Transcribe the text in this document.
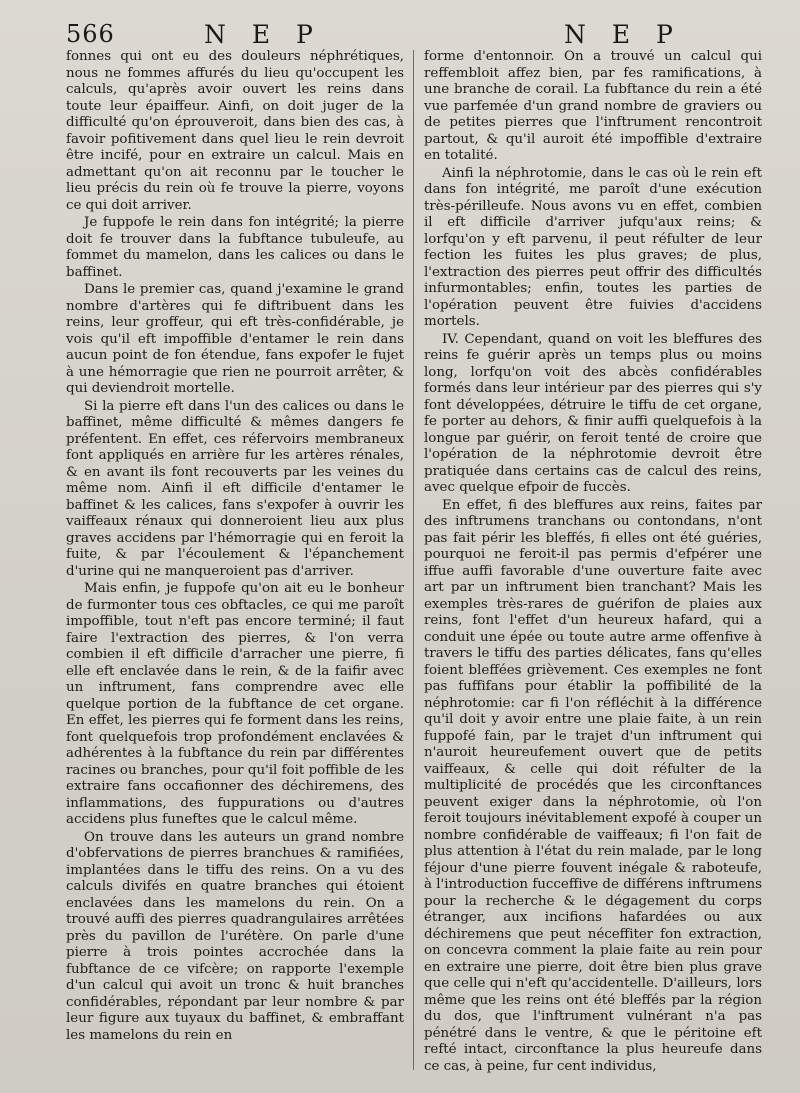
566	N E P	N E P

fonnes qui ont eu des douleurs néphrétiques, nous ne fommes affurés du lieu qu'occupent les calculs, qu'après avoir ouvert les reins dans toute leur épaiffeur. Ainfi, on doit juger de la difficulté qu'on éprouveroit, dans bien des cas, à favoir pofitivement dans quel lieu le rein devroit être incifé, pour en extraire un calcul. Mais en admettant qu'on ait reconnu par le toucher le lieu précis du rein où fe trouve la pierre, voyons ce qui doit arriver.

Je fuppofe le rein dans fon intégrité; la pierre doit fe trouver dans la fubftance tubuleufe, au fommet du mamelon, dans les calices ou dans le baffinet.

Dans le premier cas, quand j'examine le grand nombre d'artères qui fe diftribuent dans les reins, leur groffeur, qui eft très-confidérable, je vois qu'il eft impoffible d'entamer le rein dans aucun point de fon étendue, fans expofer le fujet à une hémorragie que rien ne pourroit arrêter, & qui deviendroit mortelle.

Si la pierre eft dans l'un des calices ou dans le baffinet, même difficulté & mêmes dangers fe préfentent. En effet, ces réfervoirs membraneux font appliqués en arrière fur les artères rénales, & en avant ils font recouverts par les veines du même nom. Ainfi il eft difficile d'entamer le baffinet & les calices, fans s'expofer à ouvrir les vaiffeaux rénaux qui donneroient lieu aux plus graves accidens par l'hémorragie qui en feroit la fuite, & par l'écoulement & l'épanchement d'urine qui ne manqueroient pas d'arriver.

Mais enfin, je fuppofe qu'on ait eu le bonheur de furmonter tous ces obftacles, ce qui me paroît impoffible, tout n'eft pas encore terminé; il faut faire l'extraction des pierres, & l'on verra combien il eft difficile d'arracher une pierre, fi elle eft enclavée dans le rein, & de la faifir avec un inftrument, fans comprendre avec elle quelque portion de la fubftance de cet organe. En effet, les pierres qui fe forment dans les reins, font quelquefois trop profondément enclavées & adhérentes à la fubftance du rein par différentes racines ou branches, pour qu'il foit poffible de les extraire fans occafionner des déchiremens, des inflammations, des fuppurations ou d'autres accidens plus funeftes que le calcul même.

On trouve dans les auteurs un grand nombre d'obfervations de pierres branchues & ramifiées, implantées dans le tiffu des reins. On a vu des calculs divifés en quatre branches qui étoient enclavées dans les mamelons du rein. On a trouvé auffi des pierres quadrangulaires arrêtées près du pavillon de l'urétère. On parle d'une pierre à trois pointes accrochée dans la fubftance de ce vifcère; on rapporte l'exemple d'un calcul qui avoit un tronc & huit branches confidérables, répondant par leur nombre & par leur figure aux tuyaux du baffinet, & embraffant les mamelons du rein en

forme d'entonnoir. On a trouvé un calcul qui reffembloit affez bien, par fes ramifications, à une branche de corail. La fubftance du rein a été vue parfemée d'un grand nombre de graviers ou de petites pierres que l'inftrument rencontroit partout, & qu'il auroit été impoffible d'extraire en totalité.

Ainfi la néphrotomie, dans le cas où le rein eft dans fon intégrité, me paroît d'une exécution très-périlleufe. Nous avons vu en effet, combien il eft difficile d'arriver jufqu'aux reins; & lorfqu'on y eft parvenu, il peut réfulter de leur fection les fuites les plus graves; de plus, l'extraction des pierres peut offrir des difficultés infurmontables; enfin, toutes les parties de l'opération peuvent être fuivies d'accidens mortels.

IV. Cependant, quand on voit les bleffures des reins fe guérir après un temps plus ou moins long, lorfqu'on voit des abcès confidérables formés dans leur intérieur par des pierres qui s'y font développées, détruire le tiffu de cet organe, fe porter au dehors, & finir auffi quelquefois à la longue par guérir, on feroit tenté de croire que l'opération de la néphrotomie devroit être pratiquée dans certains cas de calcul des reins, avec quelque efpoir de fuccès.

En effet, fi des bleffures aux reins, faites par des inftrumens tranchans ou contondans, n'ont pas fait périr les bleffés, fi elles ont été guéries, pourquoi ne feroit-il pas permis d'efpérer une iffue auffi favorable d'une ouverture faite avec art par un inftrument bien tranchant? Mais les exemples très-rares de guérifon de plaies aux reins, font l'effet d'un heureux hafard, qui a conduit une épée ou toute autre arme offenfive à travers le tiffu des parties délicates, fans qu'elles foient bleffées grièvement. Ces exemples ne font pas fuffifans pour établir la poffibilité de la néphrotomie: car fi l'on réfléchit à la différence qu'il doit y avoir entre une plaie faite, à un rein fuppofé fain, par le trajet d'un inftrument qui n'auroit heureufement ouvert que de petits vaiffeaux, & celle qui doit réfulter de la multiplicité de procédés que les circonftances peuvent exiger dans la néphrotomie, où l'on feroit toujours inévitablement expofé à couper un nombre confidérable de vaiffeaux; fi l'on fait de plus attention à l'état du rein malade, par le long féjour d'une pierre fouvent inégale & raboteufe, à l'introduction fucceffive de différens inftrumens pour la recherche & le dégagement du corps étranger, aux incifions hafardées ou aux déchiremens que peut néceffiter fon extraction, on concevra comment la plaie faite au rein pour en extraire une pierre, doit être bien plus grave que celle qui n'eft qu'accidentelle. D'ailleurs, lors même que les reins ont été bleffés par la région du dos, que l'inftrument vulnérant n'a pas pénétré dans le ventre, & que le péritoine eft refté intact, circonftance la plus heureufe dans ce cas, à peine, fur cent individus,
